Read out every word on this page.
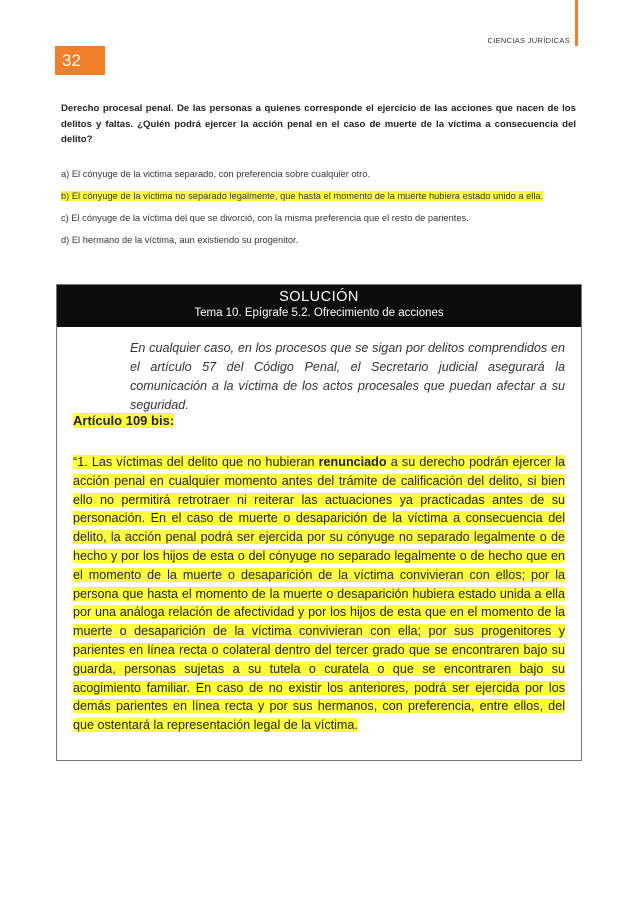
CIENCIAS JURÍDICAS
32
Derecho procesal penal. De las personas a quienes corresponde el ejercicio de las acciones que nacen de los delitos y faltas. ¿Quién podrá ejercer la acción penal en el caso de muerte de la víctima a consecuencia del delito?
a) El cónyuge de la victima separado, con preferencia sobre cualquier otro.
b) El cónyuge de la víctima no separado legalmente, que hasta el momento de la muerte hubiera estado unido a ella.
c) El cónyuge de la víctima del que se divorció, con la misma preferencia que el resto de parientes.
d) El hermano de la víctima, aun existiendo su progenitor.
SOLUCIÓN
Tema 10. Epígrafe 5.2. Ofrecimiento de acciones
En cualquier caso, en los procesos que se sigan por delitos comprendidos en el artículo 57 del Código Penal, el Secretario judicial asegurará la comunicación a la víctima de los actos procesales que puedan afectar a su seguridad.
Artículo 109 bis:
“1. Las víctimas del delito que no hubieran renunciado a su derecho podrán ejercer la acción penal en cualquier momento antes del trámite de calificación del delito, si bien ello no permitirá retrotraer ni reiterar las actuaciones ya practicadas antes de su personación. En el caso de muerte o desaparición de la víctima a consecuencia del delito, la acción penal podrá ser ejercida por su cónyuge no separado legalmente o de hecho y por los hijos de esta o del cónyuge no separado legalmente o de hecho que en el momento de la muerte o desaparición de la víctima convivieran con ellos; por la persona que hasta el momento de la muerte o desaparición hubiera estado unida a ella por una análoga relación de afectividad y por los hijos de esta que en el momento de la muerte o desaparición de la víctima convivieran con ella; por sus progenitores y parientes en línea recta o colateral dentro del tercer grado que se encontraren bajo su guarda, personas sujetas a su tutela o curatela o que se encontraren bajo su acogimiento familiar. En caso de no existir los anteriores, podrá ser ejercida por los demás parientes en línea recta y por sus hermanos, con preferencia, entre ellos, del que ostentará la representación legal de la víctima.
